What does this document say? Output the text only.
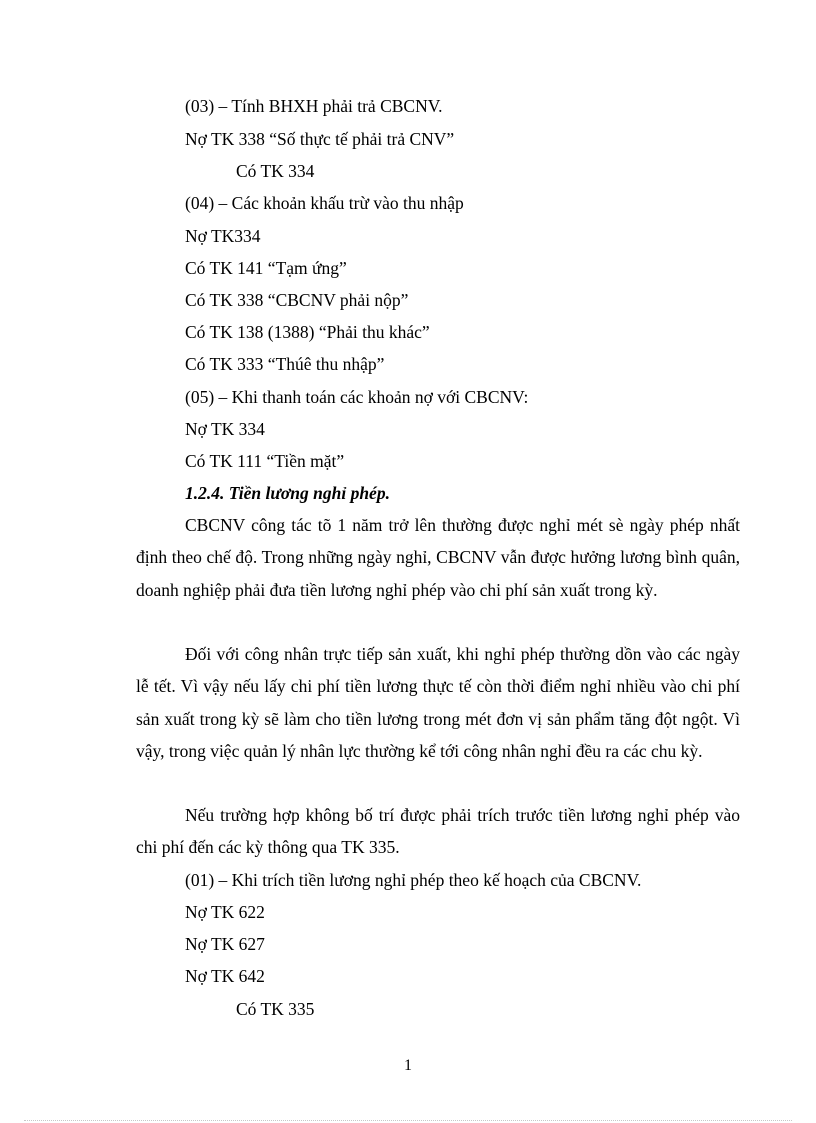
(03) – Tính BHXH phải trả CBCNV.
Nợ TK 338 “Số thực tế phải trả CNV”
Có TK 334
(04) – Các khoản khấu trừ vào thu nhập
Nợ TK334
Có TK 141 “Tạm ứng”
Có TK 338 “CBCNV phải nộp”
Có TK 138 (1388) “Phải thu khác”
Có TK 333 “Thúê thu nhập”
(05) – Khi thanh toán các khoản nợ với CBCNV:
Nợ TK 334
Có TK 111 “Tiền mặt”
1.2.4. Tiền lương nghỉ phép.
CBCNV công tác tõ 1 năm trở lên thường được nghỉ mét sè ngày phép nhất định theo chế độ. Trong những ngày nghỉ, CBCNV vẫn được hưởng lương bình quân, doanh nghiệp phải đưa tiền lương nghỉ phép vào chi phí sản xuất trong kỳ.
Đối với công nhân trực tiếp sản xuất, khi nghỉ phép thường dồn vào các ngày lễ tết. Vì vậy nếu lấy chi phí tiền lương thực tế còn thời điểm nghỉ nhiều vào chi phí sản xuất trong kỳ sẽ làm cho tiền lương trong mét đơn vị sản phẩm tăng đột ngột. Vì vậy, trong việc quản lý nhân lực thường kể tới công nhân nghỉ đều ra các chu kỳ.
Nếu trường hợp không bố trí được phải trích trước tiền lương nghỉ phép vào chi phí đến các kỳ thông qua TK 335.
(01) – Khi trích tiền lương nghỉ phép theo kế hoạch của CBCNV.
Nợ TK 622
Nợ TK 627
Nợ TK 642
Có TK 335
1
